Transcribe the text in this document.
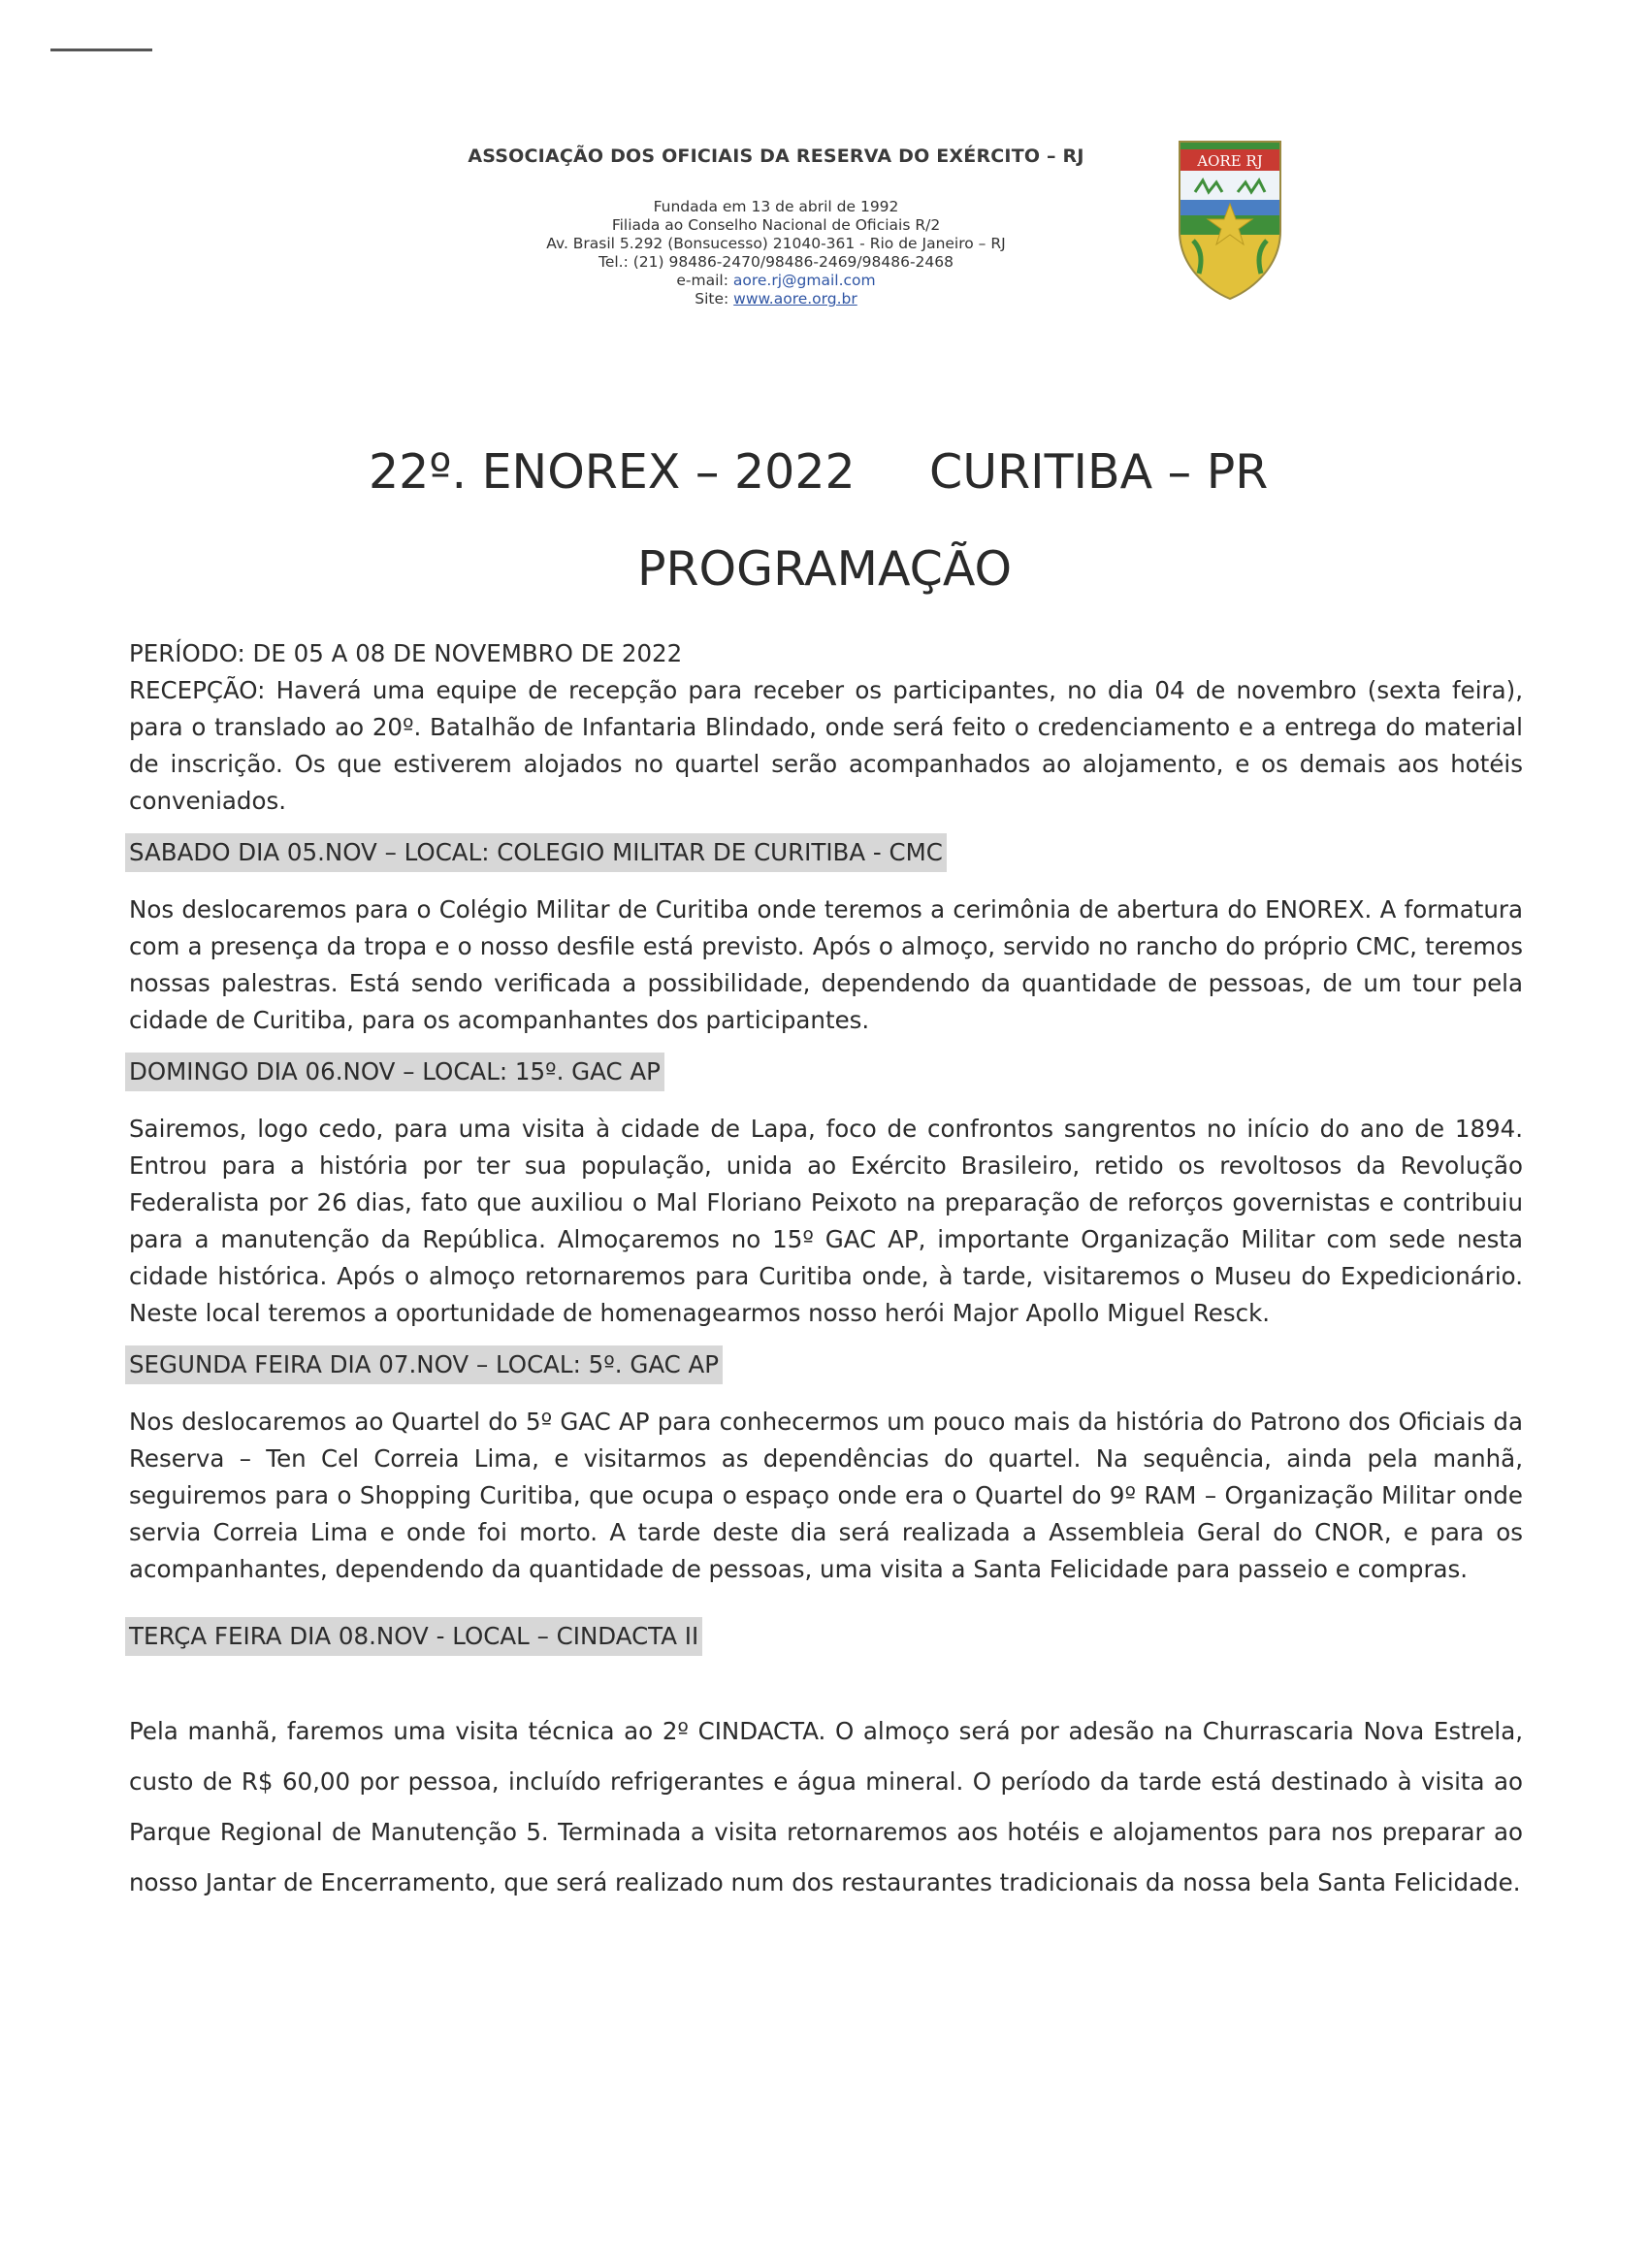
ASSOCIAÇÃO DOS OFICIAIS DA RESERVA DO EXÉRCITO – RJ

Fundada em 13 de abril de 1992

Filiada ao Conselho Nacional de Oficiais R/2

Av. Brasil 5.292 (Bonsucesso) 21040-361 - Rio de Janeiro – RJ

Tel.: (21) 98486-2470/98486-2469/98486-2468

e-mail: aore.rj@gmail.com

Site: www.aore.org.br

AORE RJ
22º. ENOREX – 2022 CURITIBA – PR
PROGRAMAÇÃO

PERÍODO: DE 05 A 08 DE NOVEMBRO DE 2022

RECEPÇÃO: Haverá uma equipe de recepção para receber os participantes, no dia 04 de novembro (sexta feira), para o translado ao 20º. Batalhão de Infantaria Blindado, onde será feito o credenciamento e a entrega do material de inscrição. Os que estiverem alojados no quartel serão acompanhados ao alojamento, e os demais aos hotéis conveniados.

SABADO DIA 05.NOV – LOCAL: COLEGIO MILITAR DE CURITIBA - CMC

Nos deslocaremos para o Colégio Militar de Curitiba onde teremos a cerimônia de abertura do ENOREX. A formatura com a presença da tropa e o nosso desfile está previsto. Após o almoço, servido no rancho do próprio CMC, teremos nossas palestras. Está sendo verificada a possibilidade, dependendo da quantidade de pessoas, de um tour pela cidade de Curitiba, para os acompanhantes dos participantes.

DOMINGO DIA 06.NOV – LOCAL: 15º. GAC AP

Sairemos, logo cedo, para uma visita à cidade de Lapa, foco de confrontos sangrentos no início do ano de 1894. Entrou para a história por ter sua população, unida ao Exército Brasileiro, retido os revoltosos da Revolução Federalista por 26 dias, fato que auxiliou o Mal Floriano Peixoto na preparação de reforços governistas e contribuiu para a manutenção da República. Almoçaremos no 15º GAC AP, importante Organização Militar com sede nesta cidade histórica. Após o almoço retornaremos para Curitiba onde, à tarde, visitaremos o Museu do Expedicionário. Neste local teremos a oportunidade de homenagearmos nosso herói Major Apollo Miguel Resck.

SEGUNDA FEIRA DIA 07.NOV – LOCAL: 5º. GAC AP

Nos deslocaremos ao Quartel do 5º GAC AP para conhecermos um pouco mais da história do Patrono dos Oficiais da Reserva – Ten Cel Correia Lima, e visitarmos as dependências do quartel. Na sequência, ainda pela manhã, seguiremos para o Shopping Curitiba, que ocupa o espaço onde era o Quartel do 9º RAM – Organização Militar onde servia Correia Lima e onde foi morto. A tarde deste dia será realizada a Assembleia Geral do CNOR, e para os acompanhantes, dependendo da quantidade de pessoas, uma visita a Santa Felicidade para passeio e compras.

TERÇA FEIRA DIA 08.NOV - LOCAL – CINDACTA II

Pela manhã, faremos uma visita técnica ao 2º CINDACTA. O almoço será por adesão na Churrascaria Nova Estrela, custo de R$ 60,00 por pessoa, incluído refrigerantes e água mineral. O período da tarde está destinado à visita ao Parque Regional de Manutenção 5. Terminada a visita retornaremos aos hotéis e alojamentos para nos preparar ao nosso Jantar de Encerramento, que será realizado num dos restaurantes tradicionais da nossa bela Santa Felicidade.
